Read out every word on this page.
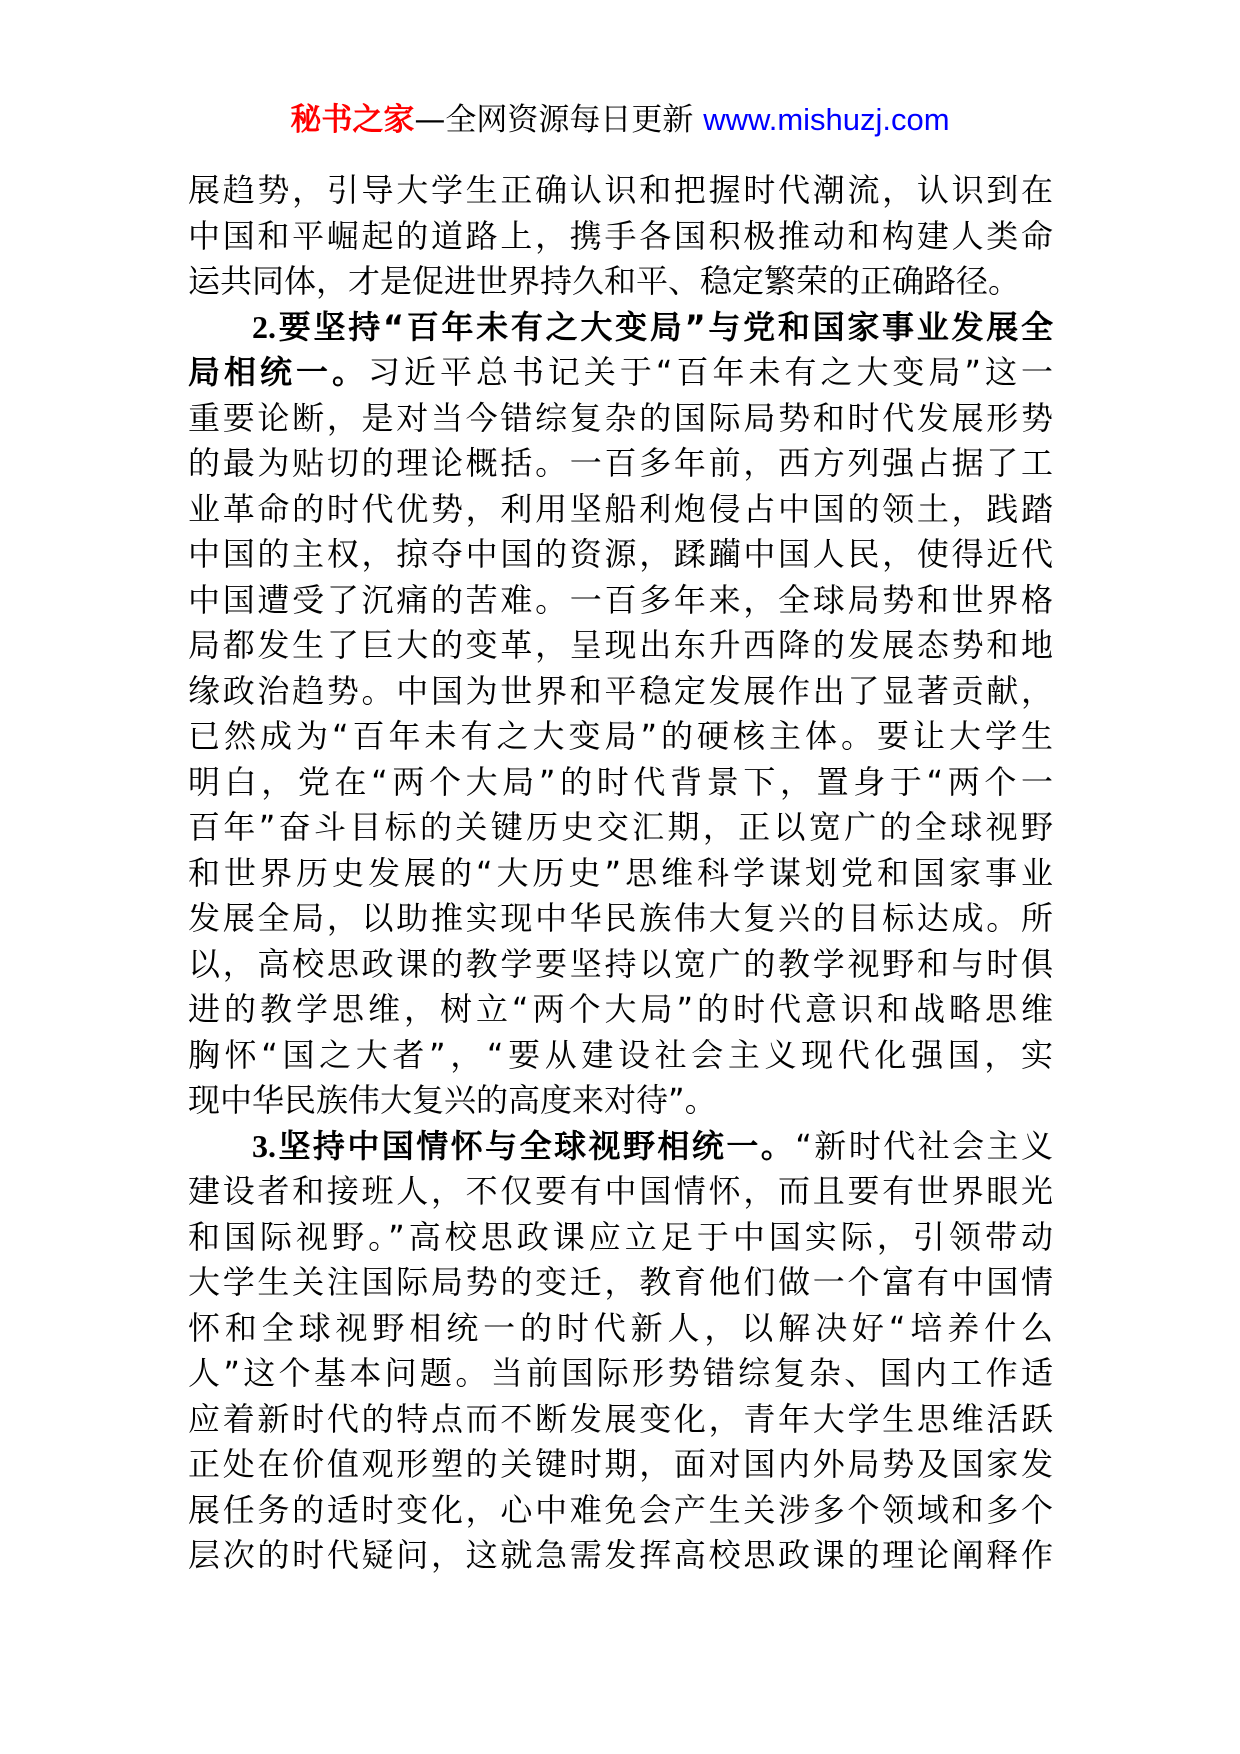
秘书之家—全网资源每日更新 www.mishuzj.com
展趋势，引导大学生正确认识和把握时代潮流，认识到在
中国和平崛起的道路上，携手各国积极推动和构建人类命
运共同体，才是促进世界持久和平、稳定繁荣的正确路径。
2.要坚持“百年未有之大变局”与党和国家事业发展全
局相统一。习近平总书记关于“百年未有之大变局”这一
重要论断，是对当今错综复杂的国际局势和时代发展形势
的最为贴切的理论概括。一百多年前，西方列强占据了工
业革命的时代优势，利用坚船利炮侵占中国的领土，践踏
中国的主权，掠夺中国的资源，蹂躏中国人民，使得近代
中国遭受了沉痛的苦难。一百多年来，全球局势和世界格
局都发生了巨大的变革，呈现出东升西降的发展态势和地
缘政治趋势。中国为世界和平稳定发展作出了显著贡献，
已然成为“百年未有之大变局”的硬核主体。要让大学生
明白，党在“两个大局”的时代背景下，置身于“两个一
百年”奋斗目标的关键历史交汇期，正以宽广的全球视野
和世界历史发展的“大历史”思维科学谋划党和国家事业
发展全局，以助推实现中华民族伟大复兴的目标达成。所
以，高校思政课的教学要坚持以宽广的教学视野和与时俱
进的教学思维，树立“两个大局”的时代意识和战略思维
胸怀“国之大者”，“要从建设社会主义现代化强国，实
现中华民族伟大复兴的高度来对待”。
3.坚持中国情怀与全球视野相统一。“新时代社会主义
建设者和接班人，不仅要有中国情怀，而且要有世界眼光
和国际视野。”高校思政课应立足于中国实际，引领带动
大学生关注国际局势的变迁，教育他们做一个富有中国情
怀和全球视野相统一的时代新人，以解决好“培养什么
人”这个基本问题。当前国际形势错综复杂、国内工作适
应着新时代的特点而不断发展变化，青年大学生思维活跃
正处在价值观形塑的关键时期，面对国内外局势及国家发
展任务的适时变化，心中难免会产生关涉多个领域和多个
层次的时代疑问，这就急需发挥高校思政课的理论阐释作
